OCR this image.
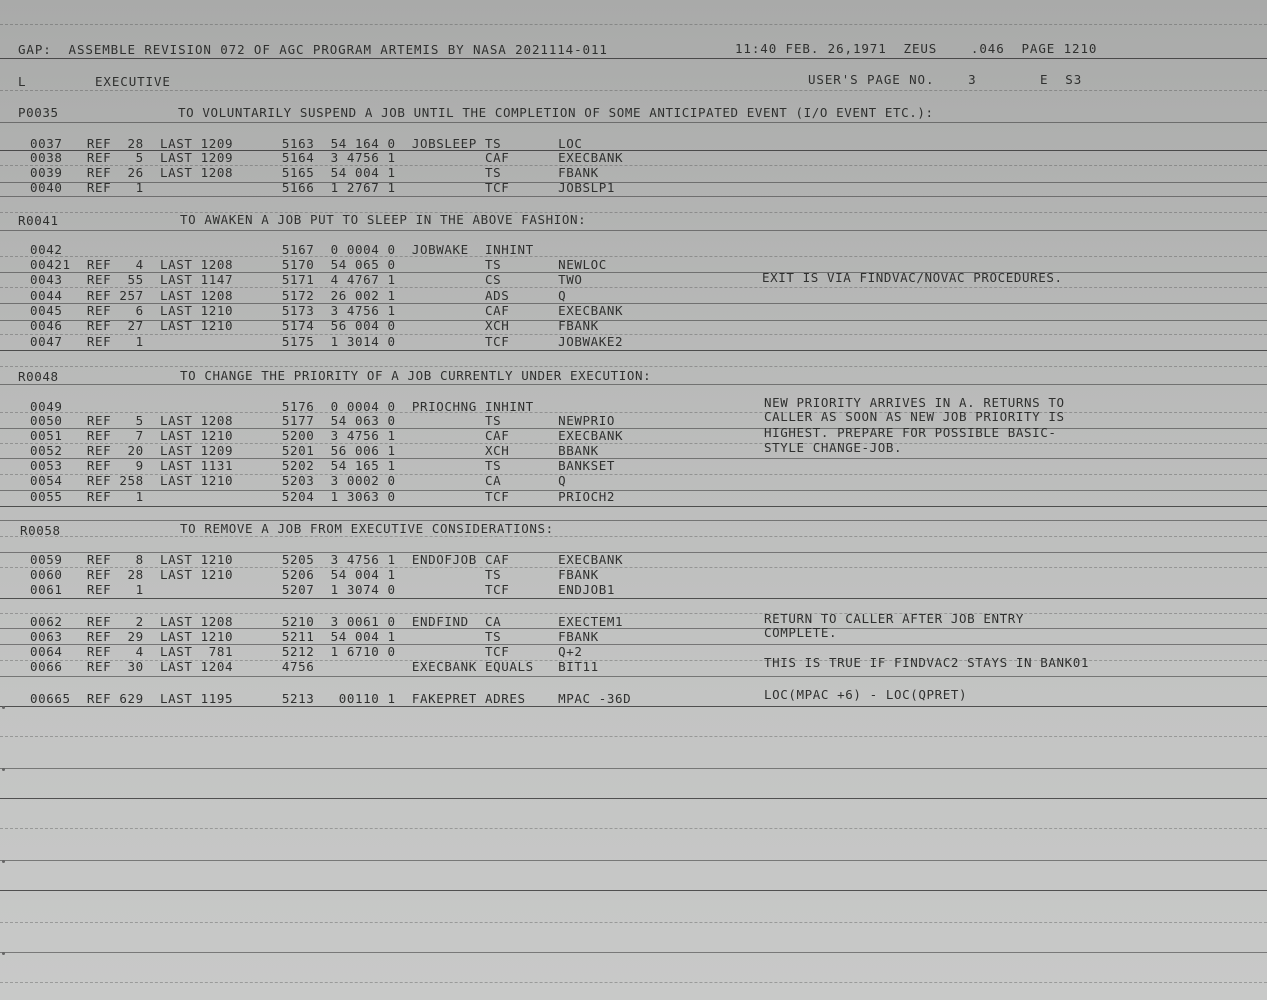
GAP:  ASSEMBLE REVISION 072 OF AGC PROGRAM ARTEMIS BY NASA 2021114-011	11:40 FEB. 26,1971  ZEUS    .046  PAGE 1210
L	EXECUTIVE	USER'S PAGE NO.    3	E  S3
P0035	TO VOLUNTARILY SUSPEND A JOB UNTIL THE COMPLETION OF SOME ANTICIPATED EVENT (I/O EVENT ETC.):
0037   REF  28  LAST 1209      5163  54 164 0  JOBSLEEP TS       LOC
0038   REF   5  LAST 1209      5164  3 4756 1           CAF      EXECBANK
0039   REF  26  LAST 1208      5165  54 004 1           TS       FBANK
0040   REF   1                 5166  1 2767 1           TCF      JOBSLP1
R0041	TO AWAKEN A JOB PUT TO SLEEP IN THE ABOVE FASHION:
0042                           5167  0 0004 0  JOBWAKE  INHINT
00421  REF   4  LAST 1208      5170  54 065 0           TS       NEWLOC
0043   REF  55  LAST 1147      5171  4 4767 1           CS       TWO	EXIT IS VIA FINDVAC/NOVAC PROCEDURES.
0044   REF 257  LAST 1208      5172  26 002 1           ADS      Q
0045   REF   6  LAST 1210      5173  3 4756 1           CAF      EXECBANK
0046   REF  27  LAST 1210      5174  56 004 0           XCH      FBANK
0047   REF   1                 5175  1 3014 0           TCF      JOBWAKE2
R0048	TO CHANGE THE PRIORITY OF A JOB CURRENTLY UNDER EXECUTION:
0049                           5176  0 0004 0  PRIOCHNG INHINT	NEW PRIORITY ARRIVES IN A. RETURNS TO
0050   REF   5  LAST 1208      5177  54 063 0           TS       NEWPRIO	CALLER AS SOON AS NEW JOB PRIORITY IS
0051   REF   7  LAST 1210      5200  3 4756 1           CAF      EXECBANK	HIGHEST. PREPARE FOR POSSIBLE BASIC-
0052   REF  20  LAST 1209      5201  56 006 1           XCH      BBANK	STYLE CHANGE-JOB.
0053   REF   9  LAST 1131      5202  54 165 1           TS       BANKSET
0054   REF 258  LAST 1210      5203  3 0002 0           CA       Q
0055   REF   1                 5204  1 3063 0           TCF      PRIOCH2
R0058	TO REMOVE A JOB FROM EXECUTIVE CONSIDERATIONS:
0059   REF   8  LAST 1210      5205  3 4756 1  ENDOFJOB CAF      EXECBANK
0060   REF  28  LAST 1210      5206  54 004 1           TS       FBANK
0061   REF   1                 5207  1 3074 0           TCF      ENDJOB1
0062   REF   2  LAST 1208      5210  3 0061 0  ENDFIND  CA       EXECTEM1	RETURN TO CALLER AFTER JOB ENTRY
0063   REF  29  LAST 1210      5211  54 004 1           TS       FBANK	COMPLETE.
0064   REF   4  LAST  781      5212  1 6710 0           TCF      Q+2
0066   REF  30  LAST 1204      4756            EXECBANK EQUALS   BIT11	THIS IS TRUE IF FINDVAC2 STAYS IN BANK01
00665  REF 629  LAST 1195      5213   00110 1  FAKEPRET ADRES    MPAC -36D	LOC(MPAC +6) - LOC(QPRET)
